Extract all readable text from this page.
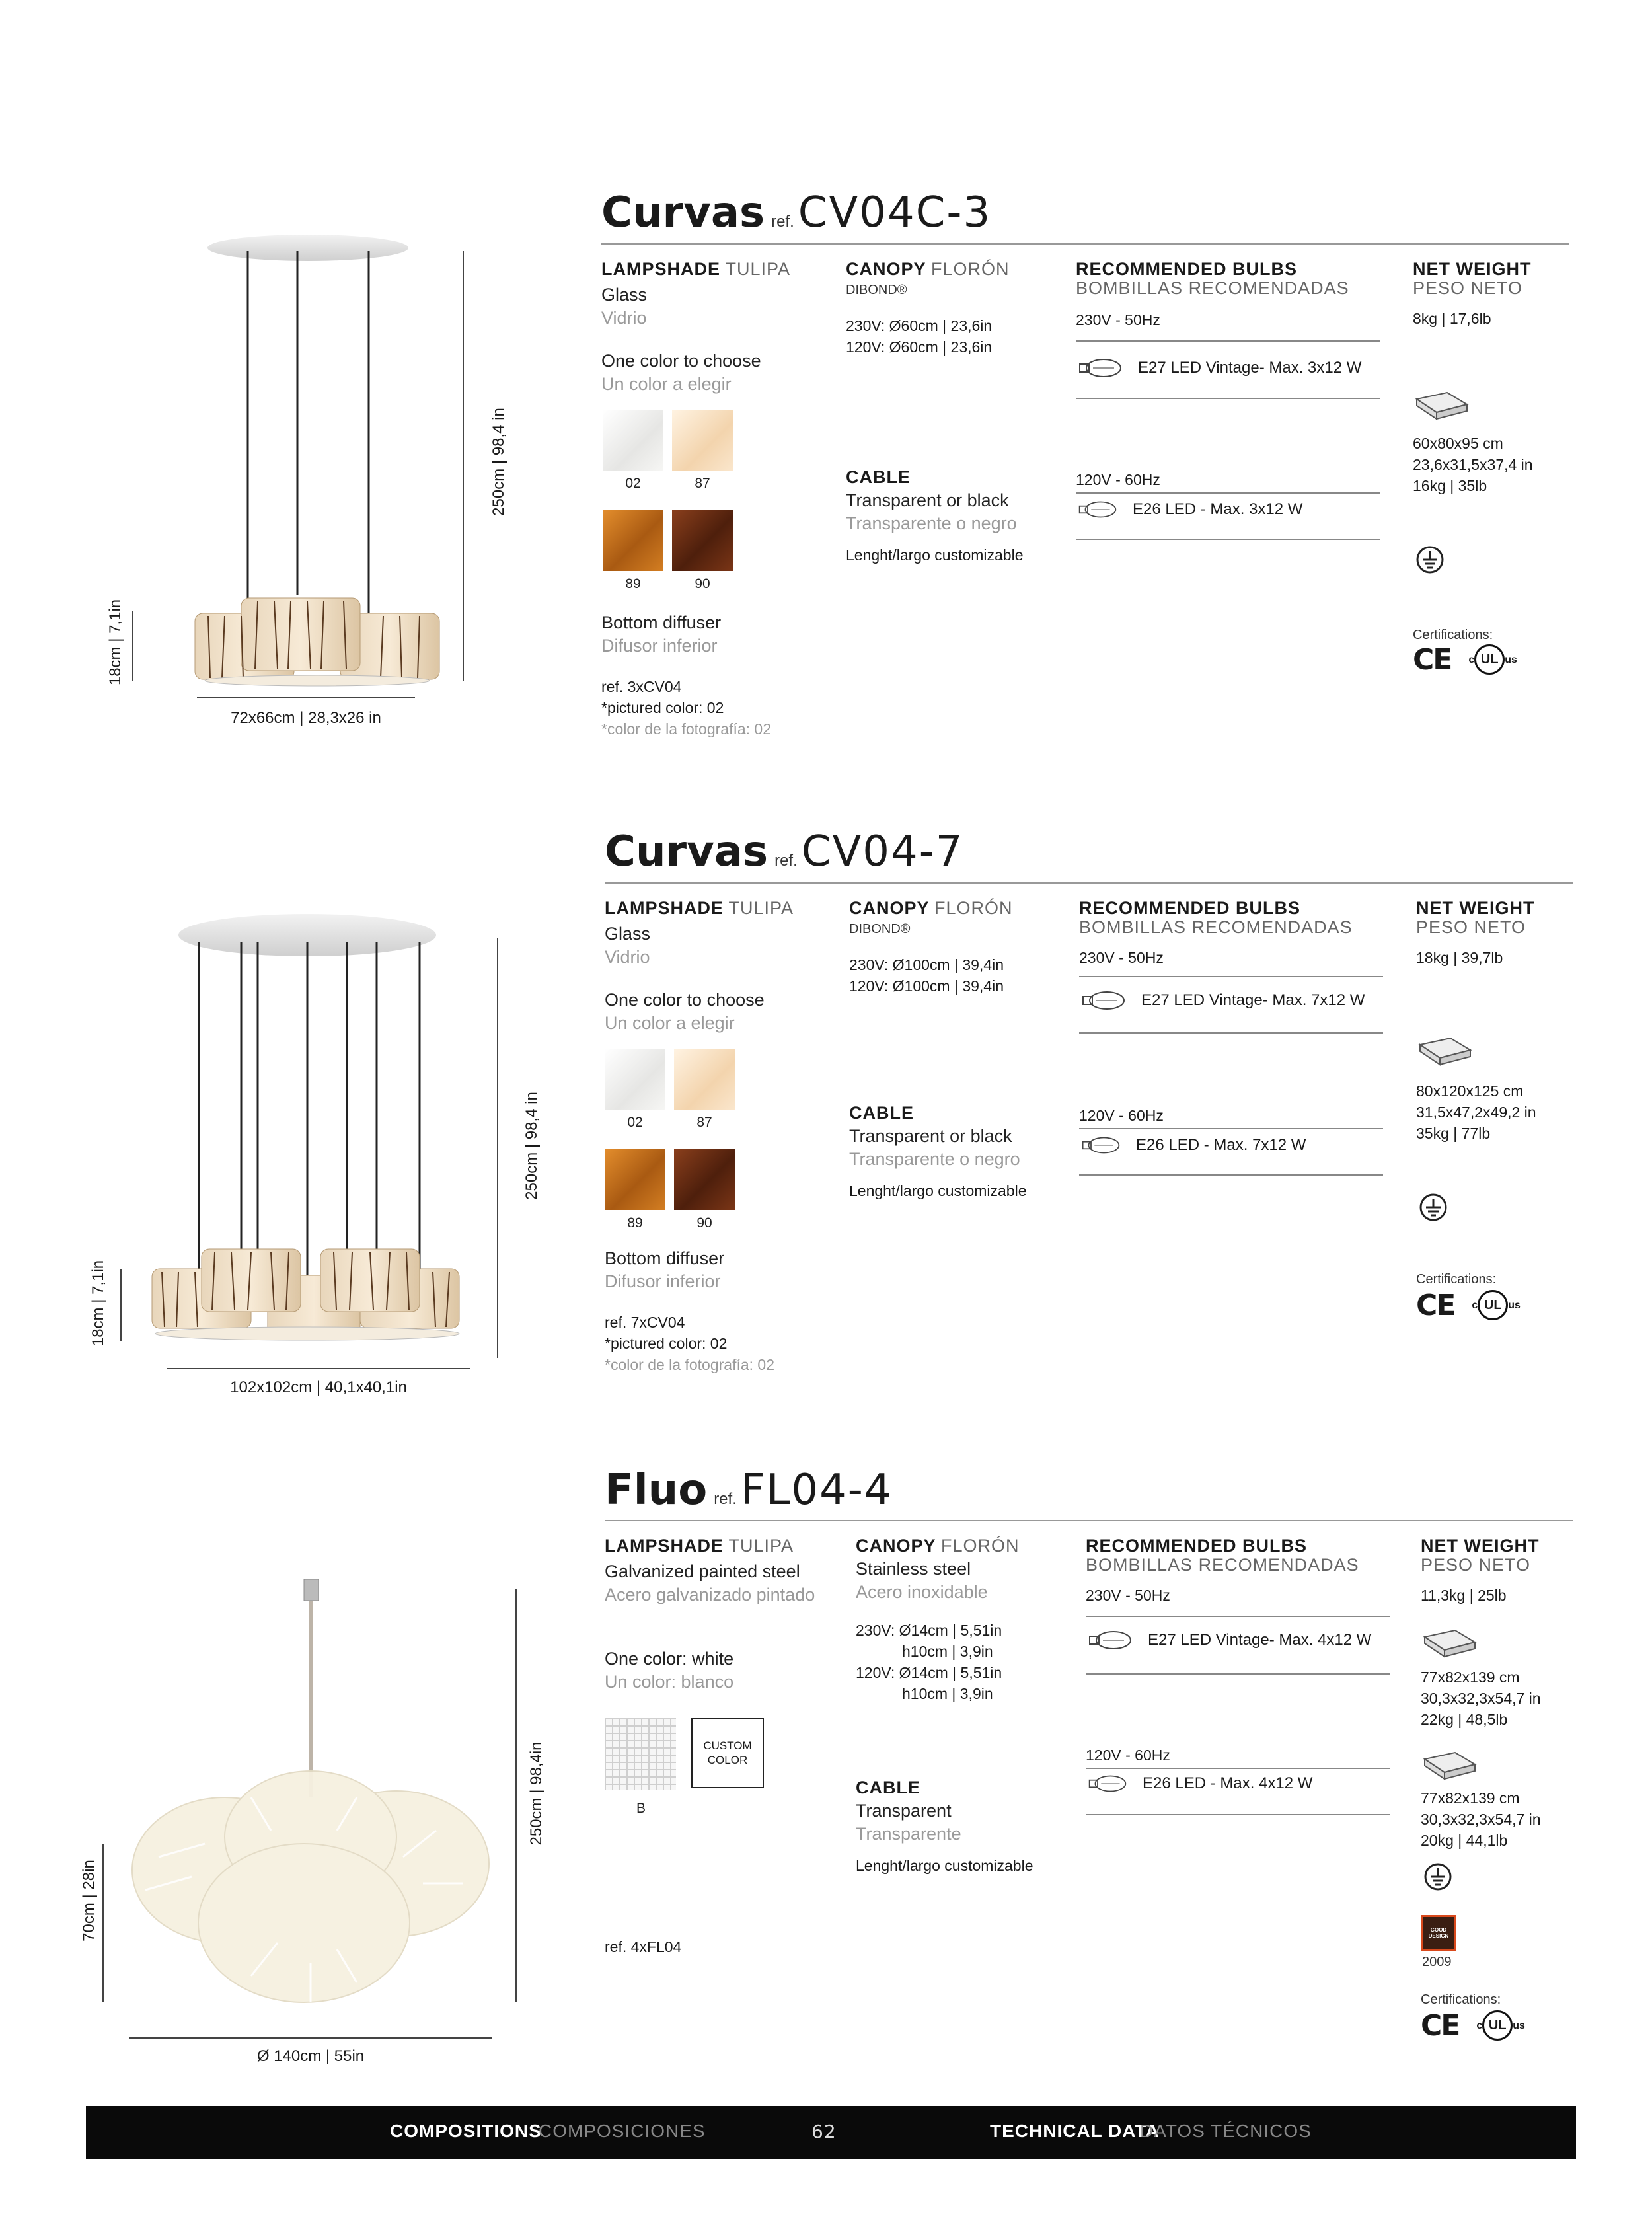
250cm | 98,4 in
18cm | 7,1in
72x66cm | 28,3x26 in
Curvas ref.CV04C-3
LAMPSHADE TULIPA
Glass
Vidrio
One color to choose
Un color a elegir
02	87
89	90
Bottom diffuser
Difusor inferior
ref. 3xCV04
*pictured color: 02
*color de la fotografía: 02
CANOPY FLORÓN
DIBOND®
230V: Ø60cm | 23,6in
120V: Ø60cm | 23,6in
CABLE
Transparent or black
Transparente o negro
Lenght/largo customizable
RECOMMENDED BULBS
BOMBILLAS RECOMENDADAS
230V - 50Hz
E27 LED Vintage- Max. 3x12 W
120V - 60Hz
E26 LED - Max. 3x12 W
NET WEIGHT
PESO NETO
8kg | 17,6lb
60x80x95 cm
23,6x31,5x37,4 in
16kg | 35lb
Certifications:
CE c UL us
250cm | 98,4 in
18cm | 7,1in
102x102cm | 40,1x40,1in
Curvas ref.CV04-7
LAMPSHADE TULIPA
Glass
Vidrio
One color to choose
Un color a elegir
02	87
89	90
Bottom diffuser
Difusor inferior
ref. 7xCV04
*pictured color: 02
*color de la fotografía: 02
CANOPY FLORÓN
DIBOND®
230V: Ø100cm | 39,4in
120V: Ø100cm | 39,4in
CABLE
Transparent or black
Transparente o negro
Lenght/largo customizable
RECOMMENDED BULBS
BOMBILLAS RECOMENDADAS
230V - 50Hz
E27 LED Vintage- Max. 7x12 W
120V - 60Hz
E26 LED - Max. 7x12 W
NET WEIGHT
PESO NETO
18kg | 39,7lb
80x120x125 cm
31,5x47,2x49,2 in
35kg | 77lb
Certifications:
CE c UL us
250cm | 98,4in
70cm | 28in
Ø 140cm | 55in
Fluo ref.FL04-4
LAMPSHADE TULIPA
Galvanized painted steel
Acero galvanizado pintado
One color: white
Un color: blanco
B
CUSTOM COLOR
ref. 4xFL04
CANOPY FLORÓN
Stainless steel
Acero inoxidable
230V: Ø14cm | 5,51in
h10cm | 3,9in
120V: Ø14cm | 5,51in
h10cm | 3,9in
CABLE
Transparent
Transparente
Lenght/largo customizable
RECOMMENDED BULBS
BOMBILLAS RECOMENDADAS
230V - 50Hz
E27 LED Vintage- Max. 4x12 W
120V - 60Hz
E26 LED - Max. 4x12 W
NET WEIGHT
PESO NETO
11,3kg | 25lb
77x82x139 cm
30,3x32,3x54,7 in
22kg | 48,5lb
77x82x139 cm
30,3x32,3x54,7 in
20kg | 44,1lb
GOOD DESIGN
2009
Certifications:
CE c UL us
COMPOSITIONS
COMPOSICIONES	62	TECHNICAL DATA
DATOS TÉCNICOS
